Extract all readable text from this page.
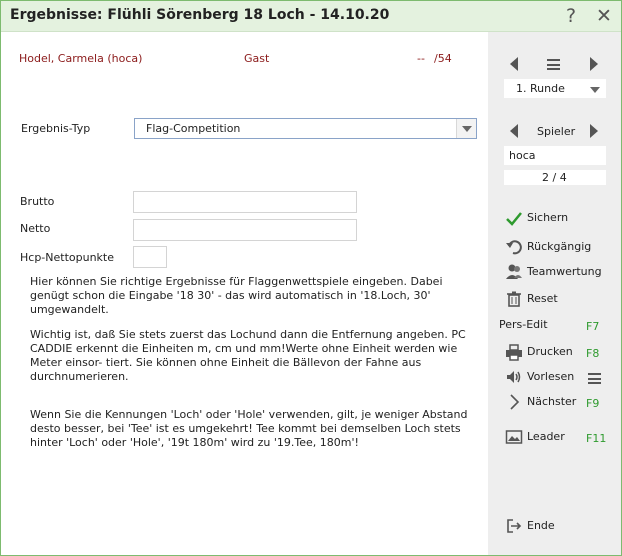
Ergebnisse: Flühli Sörenberg 18 Loch - 14.10.20	?	✕
Hodel, Carmela (hoca)	Gast	-- /54
Ergebnis-Typ	Flag-Competition
Brutto
Netto
Hcp-Nettopunkte
Hier können Sie richtige Ergebnisse für Flaggenwettspiele eingeben. Dabei genügt schon die Eingabe '18 30' - das wird automatisch in '18.Loch, 30' umgewandelt.
Wichtig ist, daß Sie stets zuerst das Lochund dann die Entfernung angeben. PC CADDIE erkennt die Einheiten m, cm und mm!Werte ohne Einheit werden wie Meter einsor- tiert. Sie können ohne Einheit die Bällevon der Fahne aus durchnumerieren.
Wenn Sie die Kennungen 'Loch' oder 'Hole' verwenden, gilt, je weniger Abstand desto besser, bei 'Tee' ist es umgekehrt! Tee kommt bei demselben Loch stets hinter 'Loch' oder 'Hole', '19t 180m' wird zu '19.Tee, 180m'!
1. Runde
Spieler
hoca
2 / 4
Sichern
Rückgängig
Teamwertung
Reset
Pers-Edit	F7
Drucken F8
Vorlesen
Nächster F9
Leader F11
Ende
